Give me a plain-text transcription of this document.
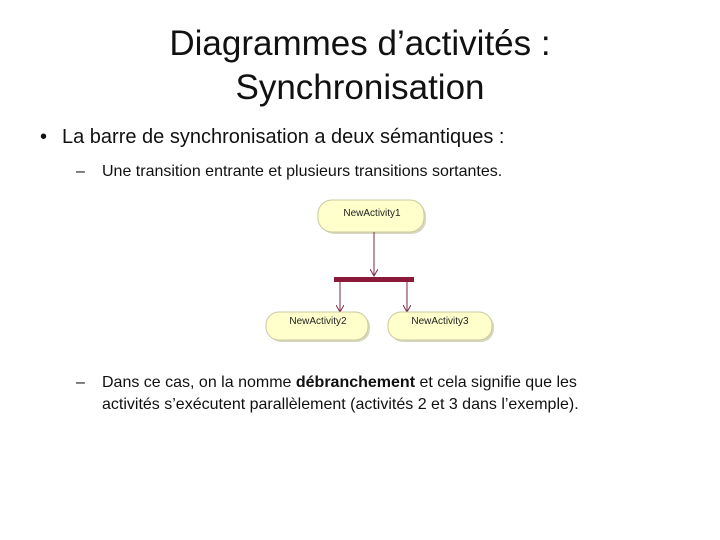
Diagrammes d’activités :
Synchronisation
• La barre de synchronisation a deux sémantiques :
– Une transition entrante et plusieurs transitions sortantes.
NewActivity1
NewActivity2	NewActivity3
– Dans ce cas, on la nomme débranchement et cela signifie que les
activités s’exécutent parallèlement (activités 2 et 3 dans l’exemple).
